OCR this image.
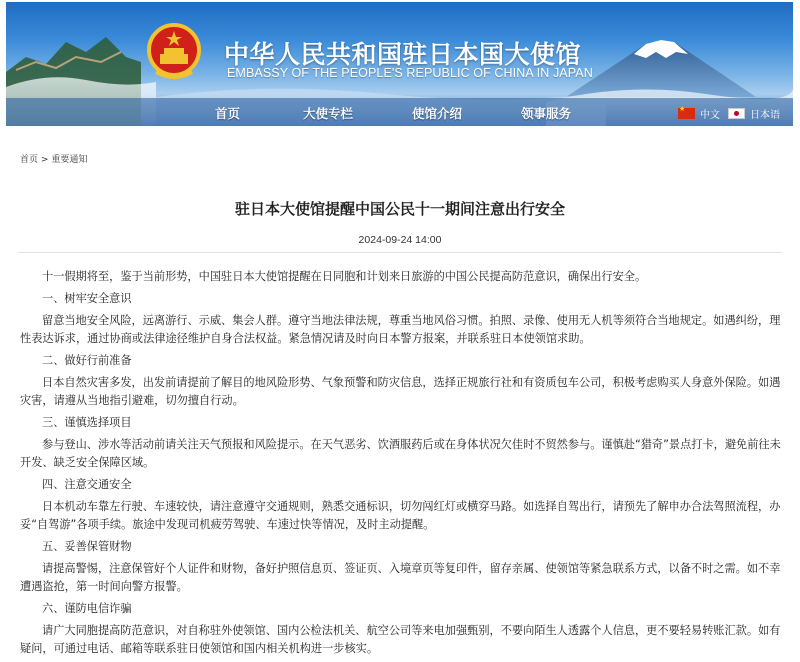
中华人民共和国驻日本国大使馆
EMBASSY OF THE PEOPLE'S REPUBLIC OF CHINA IN JAPAN
首页	大使专栏	使馆介绍	领事服务
★	中文	日本语
首页 > 重要通知
驻日本大使馆提醒中国公民十一期间注意出行安全
2024-09-24 14:00

十一假期将至，鉴于当前形势，中国驻日本大使馆提醒在日同胞和计划来日旅游的中国公民提高防范意识，确保出行安全。

一、树牢安全意识

留意当地安全风险，远离游行、示威、集会人群。遵守当地法律法规，尊重当地风俗习惯。拍照、录像、使用无人机等须符合当地规定。如遇纠纷，理性表达诉求，通过协商或法律途径维护自身合法权益。紧急情况请及时向日本警方报案，并联系驻日本使领馆求助。

二、做好行前准备

日本自然灾害多发，出发前请提前了解目的地风险形势、气象预警和防灾信息，选择正规旅行社和有资质包车公司，积极考虑购买人身意外保险。如遇灾害，请遵从当地指引避难，切勿擅自行动。

三、谨慎选择项目

参与登山、涉水等活动前请关注天气预报和风险提示。在天气恶劣、饮酒服药后或在身体状况欠佳时不贸然参与。谨慎赴“猎奇”景点打卡，避免前往未开发、缺乏安全保障区域。

四、注意交通安全

日本机动车靠左行驶、车速较快，请注意遵守交通规则，熟悉交通标识，切勿闯红灯或横穿马路。如选择自驾出行，请预先了解申办合法驾照流程，办妥“自驾游”各项手续。旅途中发现司机疲劳驾驶、车速过快等情况，及时主动提醒。

五、妥善保管财物

请提高警惕，注意保管好个人证件和财物，备好护照信息页、签证页、入境章页等复印件，留存亲属、使领馆等紧急联系方式，以备不时之需。如不幸遭遇盗抢，第一时间向警方报警。

六、谨防电信诈骗

请广大同胞提高防范意识，对自称驻外使领馆、国内公检法机关、航空公司等来电加强甄别，不要向陌生人透露个人信息，更不要轻易转账汇款。如有疑问，可通过电话、邮箱等联系驻日使领馆和国内相关机构进一步核实。
